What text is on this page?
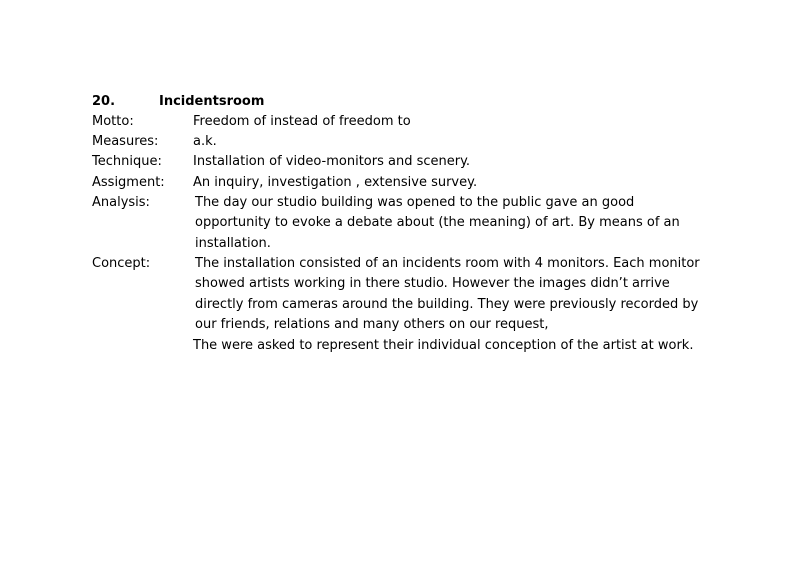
20.	Incidentsroom
Motto:	Freedom of instead of freedom to
Measures:	a.k.
Technique: Installation of video-monitors and scenery.
Assigment: An inquiry, investigation , extensive survey.
Analysis:	The day our studio building was opened to the public gave an good
opportunity to evoke a debate about (the meaning) of art. By means of an
installation.
Concept:	The installation consisted of an incidents room with 4 monitors. Each monitor
showed artists working in there studio. However the images didn’t arrive
directly from cameras around the building. They were previously recorded by
our friends, relations and many others on our request,
The were asked to represent their individual conception of the artist at work.
